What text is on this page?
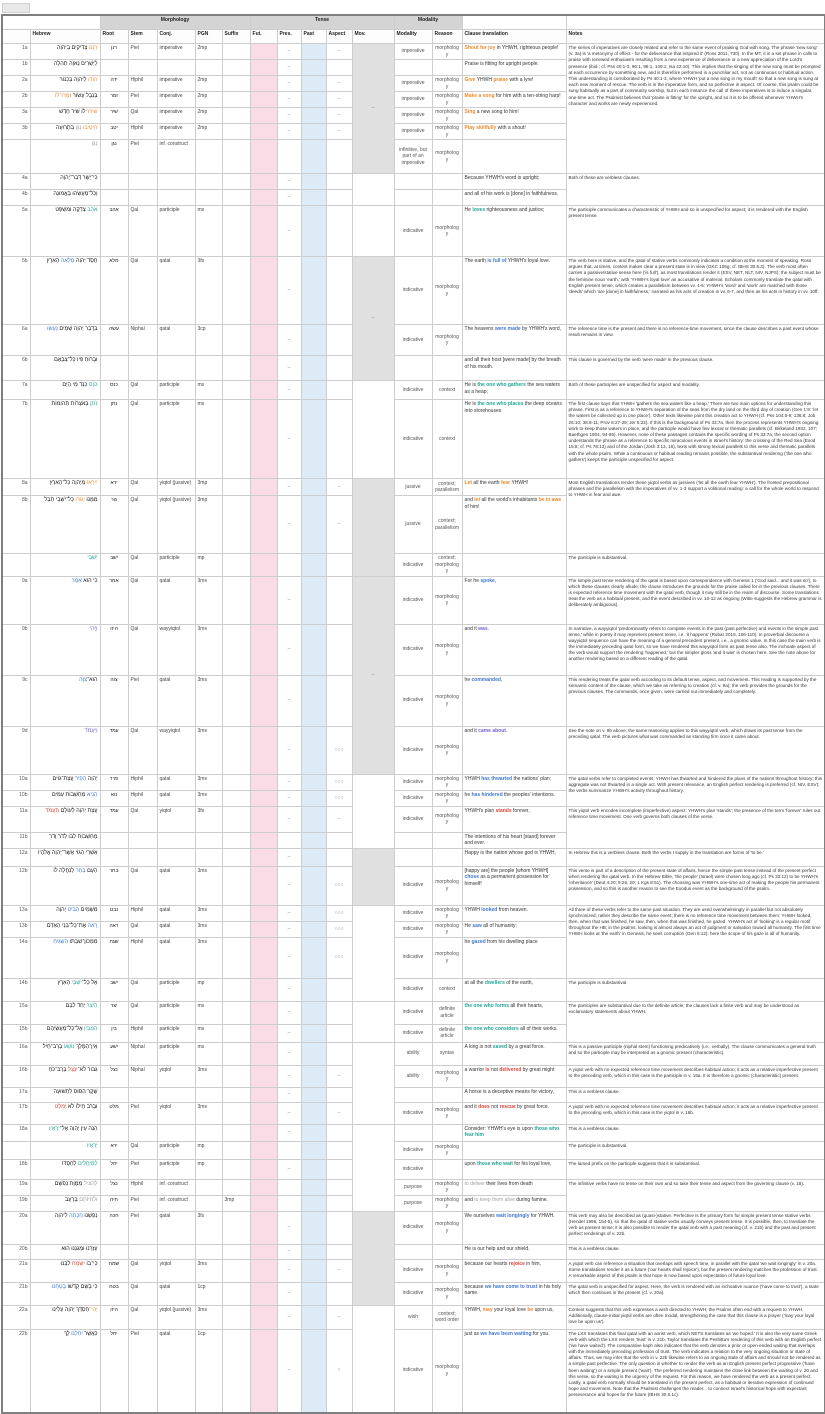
		Morphology					Tense					Modality			
	Hebrew	Root	Stem	Conj.	PGN	Suffix	Fut.	Pres.	Past	Aspect	Mov.	Modality	Reason	Clause translation	Notes
1a	רַנְּנוּ צַדִּיקִים בַּיהוָה	רנן	Piel	imperative	2mp			–		–	–	imperative	morphology	Shout for joy in YHWH, righteous people!	The series of imperatives are closely related and refer to the same event of praising God with song. The phrase 'new song' (v. 3a) is 'a metonymy of effect - for the deliverance that inspired it' (Ross 2011, 730). In the MT, it is a set phrase in calls to praise with renewed enthusiasm resulting from a new experience of deliverance or a new appreciation of the Lord's presence (ibid.; cf. Pss 40:1-3, 96:1, 98:1, 149:1; Isa 42:10). This implies that the singing of the new song must be prompted at each occurrence by something new, and is therefore performed in a punctiliar act, not as continuous or habitual action. This understanding is corroborated by Ps 40:1-3, where YHWH 'put a new song in my mouth' so that a new song is sung at each new moment of rescue. The verb is in the imperative form, and so perfective in aspect. Of course, this psalm could be sung habitually as a part of community worship, but in each instance the call of these imperatives is to induce a singular, one-time act. The Psalmist believes that 'praise is fitting' for the upright, and so it is to be offered whenever YHWH's character and works are newly experienced.
1b	לַיְשָׁרִים נָאוָה תְהִלָּה							–						Praise is fitting for upright people.	
2a	הוֹדוּ לַיהוָה בְּכִנּוֹר	ידה	Hiphil	imperative	2mp			–		–		imperative	morphology	Give YHWH praise with a lyre!	
2b	בְּנֵבֶל עָשׂוֹר זַמְּרוּ־לוֹ	זמר	Piel	imperative	2mp			–		–		imperative	morphology	Make a song for him with a ten-string harp!	
3a	שִׁירוּ־לוֹ שִׁיר חָדָשׁ	שׁיר	Qal	imperative	2mp			–		–		imperative	morphology	Sing a new song to him!	
3b	הֵיטִיבוּ נַגֵּן בִּתְרוּעָה	יטב	Hiphil	imperative	2mp			–		–		imperative	morphology	Play skillfully with a shout!	
	נַגֵּן	נגן	Piel	inf. construct								infinitive, but part of an imperative	morphology		
4a	כִּי־יָשָׁר דְּבַר־יְהוָה							–						Because YHWH's word is upright;	Both of these are verbless clauses.
4b	וְכָל־מַעֲשֵׂהוּ בֶּאֱמוּנָה							–						and all of his work is [done] in faithfulness.	
5a	אֹהֵב צְדָקָה וּמִשְׁפָּט	אהב	Qal	participle	ms			–				indicative	morphology	He loves righteousness and justice;	The participle communicates a characteristic of YHWH and so is unspecified for aspect; it is rendered with the English present tense.
5b	חֶסֶד יְהוָה מָלְאָה הָאָרֶץ	מלא	Qal	qatal	3fs			–			–	indicative	morphology	The earth is full of YHWH's loyal love.	The verb here is stative, and the qatal of stative verbs commonly indicates a condition at the moment of speaking. Ross argues that, at times, context makes clear a present state is in view (GKC 106g; cf. IBHS 30.5.3). The verb most often carries a passive/stative sense here ('is full'), as most translations render it (ESV, NET, NLT, NIV, NJPS); the subject must be the feminine noun 'earth,' with 'YHWH's loyal love' an accusative of material. Scholars commonly translate the qatal with English present tense, which creates a parallelism between vv. 4-5: YHWH's 'word' and 'work' are matched with those 'deeds' which 'are [done] in faithfulness,' narrated as his acts of creation in vv. 6-7, and then as his acts in history in vv. 10ff.
6a	בִּדְבַר יְהוָה שָׁמַיִם נַעֲשׂוּ	עשׂה	Niphal	qatal	3cp			–				indicative	morphology	The heavens were made by YHWH's word,	The reference time is the present and there is no reference-time movement, since the clause describes a past event whose result remains in view.
6b	וּבְרוּחַ פִּיו כָּל־צְבָאָם							–						and all their host [were made] by the breath of his mouth.	This clause is governed by the verb 'were made' in the previous clause.
7a	כֹּנֵס כַּנֵּד מֵי הַיָּם	כנס	Qal	participle	ms			–				indicative	context	He is the one who gathers the sea waters as a heap;	Both of these participles are unspecified for aspect and modality.
7b	נֹתֵן בְּאֹצָרוֹת תְּהוֹמוֹת	נתן	Qal	participle	ms			–				indicative	context	He is the one who places the deep oceans into storehouses	The first clause says that YHWH 'gathers the sea waters like a heap.' There are two main options for understanding this phrase. First is as a reference to YHWH's separation of the seas from the dry land on the third day of creation (Gen 1:9: 'let the waters be collected up in one place'). Other texts likewise point this creation act to YHWH (cf. Pss 104:5-9; 136:6; Job 26:10; 38:8-11; Prov 8:27-29; Jer 5:22). If this is the background of Ps 33:7a, then the process represents YHWH's ongoing work to keep those waters in place, and the participle would have few lexical or thematic parallels (cf. Birkeland 1932, 107; Baethgen 1904, 94-95). However, none of these passages contains the specific wording of Ps 33:7a; the second option understands the phrase as a reference to specific miraculous events in Israel's history: the crossing of the Red Sea (Exod 15:8; cf. Ps 78:13) and of the Jordan (Josh 3:13, 16), texts with strong lexical parallels to this verse and thematic parallels with the whole psalm. While a continuous or habitual reading remains possible, the substantival rendering ('the one who gathers') keeps the participle unspecified for aspect.
8a	יִירְאוּ מֵיְהוָה כָּל־הָאָרֶץ	ירא	Qal	yiqtol (jussive)	3mp			–		–		jussive	context; parallelism	Let all the earth fear YHWH!	Most English translations render these yiqtol verbs as jussives ('let all the earth fear YHWH'). The fronted prepositional phrases and the parallelism with the imperatives of vv. 1-3 support a volitional reading: a call for the whole world to respond to YHWH in fear and awe.
8b	מִמֶּנּוּ יָגוּרוּ כָּל־יֹשְׁבֵי תֵבֵל	גור	Qal	yiqtol (jussive)	3mp			–		–		jussive	context; parallelism	and let all the world's inhabitants be in awe of him!	
	יֹשְׁבֵי	ישׁב	Qal	participle	mp							indicative	context; morphology		The participle is substantival.
9a	כִּי הוּא אָמַר	אמר	Qal	qatal	3ms			–			–	indicative	morphology	For he spoke,	The simple past tense rendering of the qatal is based upon correspondence with Genesis 1 ('God said... and it was so'), to which these clauses clearly allude; the clause introduces the grounds for the praise called for in the previous clauses. There is expected reference time movement with the qatal verb, though it may still be in the realm of discourse. Some translations treat the verb as a habitual present, and the event described in vv. 10-12 as ongoing (Witte suggests the Hebrew grammar is deliberately ambiguous).
9b	וַיֶּהִי	היה	Qal	wayyiqtol	3ms			–				indicative	morphology	and it was.	In narrative, a wayyiqtol 'predominantly refers to complete events in the past (past perfective) and events in the simple past tense,' while in poetry it may represent present tense, i.e. 'it happens' (Robar 2015, 106-110). In proverbial discourse a wayyiqtol sequence can have the meaning of a general precedent present, i.e., a gnomic value. In this case the main verb is the immediately preceding qatal form, so we have rendered this wayyiqtol form as past tense also. The inchoate aspect of the verb would support the rendering 'happened,' but the simpler gloss 'and it was' is chosen here. See the note above for another rendering based on a different reading of the qatal.
9c	הוּא־צִוָּה	צוה	Piel	qatal	3ms			–				indicative	morphology	he commanded,	This rendering treats the qatal verb according to its default tense, aspect, and movement. This reading is supported by the semantic content of the clause, which we take as referring to creation (cf. v. 9a); the verb provides the grounds for the previous clauses. The commands, once given, were carried out immediately and completely.
9d	וַיַּעֲמֹד	עמד	Qal	wayyiqtol	3ms			–		○○○		indicative	morphology	and it came about.	See the note on v. 9b above; the same reasoning applies to this wayyiqtol verb, which draws its past tense from the preceding qatal. The verb pictures what was commanded as standing firm once it came about.
10a	יְהוָה הֵפִיר עֲצַת־גּוֹיִם	פרר	Hiphil	qatal	3ms			–		○○○		indicative	morphology	YHWH has thwarted the nations' plan;	The qatal verbs refer to completed events: YHWH has thwarted and hindered the plans of the nations throughout history; this aggregate was not thwarted in a single act. With present relevance, an English perfect rendering is preferred (cf. NIV, ESV); the verbs summarize YHWH's activity throughout history.
10b	הֵנִיא מַחְשְׁבוֹת עַמִּים	נוא	Hiphil	qatal	3ms			–		○○○		indicative	morphology	he has hindered the peoples' intentions.	
11a	עֲצַת יְהוָה לְעוֹלָם תַּעֲמֹד	עמד	Qal	yiqtol	3fs			–		–		indicative	morphology	YHWH's plan stands forever,	This yiqtol verb encodes incomplete (imperfective) aspect: YHWH's plan 'stands'; the presence of the term 'forever' rules out reference time movement. One verb governs both clauses of the verse.
11b	מַחְשְׁבוֹת לִבּוֹ לְדֹר וָדֹר													The intentions of his heart [stand] forever and ever.	
12a	אַשְׁרֵי הַגּוֹי אֲשֶׁר־יְהוָה אֱלֹהָיו							–						Happy is the nation whose god is YHWH,	In Hebrew this is a verbless clause. Both the verbs I supply in the translation are forms of 'to be.'
12b	הָעָם בָּחַר לְנַחֲלָה לוֹ	בחר	Qal	qatal	3ms			–		○○○		indicative	morphology	[happy are] the people [whom YHWH] chose as a permanent possession for himself!	This verse is part of a description of the present state of affairs, hence the simple past tense instead of the present perfect when rendering the qatal verb. In the Hebrew Bible, 'the people' (Israel) were chosen long ago (cf. Ps 33:12) to be YHWH's 'inheritance' (Deut 4:20; 9:26, 29; 1 Kgs 8:51). The choosing was YHWH's one-time act of making the people his permanent possession, and so this is another reason to see the Exodus event as the background of the psalm.
13a	מִשָּׁמַיִם הִבִּיט יְהוָה	נבט	Hiphil	qatal	3ms			–		○○○		indicative	morphology	YHWH looked from heaven.	All three of these verbs refer to the same past situation. They are used overwhelmingly in parallel but not absolutely synchronized; rather they describe the same event; there is no reference time movement between them: YHWH looked, then, when that was finished, he saw, then, when that was finished, he gazed. YHWH's act of 'looking' is a regular motif throughout the HB; in the psalms, looking is almost always an act of judgment or salvation toward all humanity. The first time YHWH looks at 'the earth' in Genesis, he sees corruption (Gen 6:12); here the scope of his gaze is all of humanity.
13b	רָאָה אֶת־כָּל־בְּנֵי הָאָדָם	ראה	Qal	qatal	3ms			–		○○○		indicative	morphology	He saw all of humanity;	
14a	מִמְּכוֹן־שִׁבְתּוֹ הִשְׁגִּיחַ	שׁגח	Hiphil	qatal	3ms			–		○○○		indicative	morphology	he gazed from his dwelling place	
14b	אֶל כָּל־יֹשְׁבֵי הָאָרֶץ	ישׁב	Qal	participle	mp			–				indicative	context	at all the dwellers of the earth,	The participle is substantival.
15a	הַיֹּצֵר יַחַד לִבָּם	יצר	Qal	participle	ms			–				indicative	definite article	the one who forms all their hearts,	The participles are substantival due to the definite article; the clauses lack a finite verb and may be understood as exclamatory statements about YHWH.
15b	הַמֵּבִין אֶל־כָּל־מַעֲשֵׂיהֶם	בין	Hiphil	participle	ms			–				indicative	definite article	the one who considers all of their works.	
16a	אֵין־הַמֶּלֶךְ נוֹשָׁע בְּרָב־חָיִל	ישׁע	Niphal	participle	ms			–				ability	syntax	A king is not saved by a great force.	This is a passive participle (niphal stem) functioning predicatively (i.e., verbally). The clause communicates a general truth and so the participle may be interpreted as a gnomic present (characteristic).
16b	גִּבּוֹר לֹא־יִנָּצֵל בְּרָב־כֹּחַ	נצל	Niphal	yiqtol	3ms			–		–		ability	morphology	a warrior is not delivered by great might	A yiqtol verb with no expected reference time movement describes habitual action; it acts as a relative imperfective present to the preceding verb, which in this case is the participle in v. 16a. It is therefore a gnomic (characteristic) present.
17a	שֶׁקֶר הַסּוּס לִתְשׁוּעָה							–						A horse is a deceptive means for victory,	This is a verbless clause.
17b	וּבְרֹב חֵילוֹ לֹא יְמַלֵּט	מלט	Piel	yiqtol	3ms			–		–		indicative	morphology	and it does not rescue by great force.	A yiqtol verb with no expected reference time movement describes habitual action; it acts as a relative imperfective present to the preceding verb, which in this case is the yiqtol in v. 16b.
18a	הִנֵּה עֵין יְהוָה אֶל־יְרֵאָיו							–						Consider: YHWH's eye is upon those who fear him	This is a verbless clause.
	יְרֵאָיו	ירא	Qal	participle	mp							indicative	morphology		The participle is substantival.
18b	לַמְיַחֲלִים לְחַסְדּוֹ	יחל	Piel	participle	mp			–				indicative		upon those who wait for his loyal love,	The lamed prefix on the participle suggests that it is substantival.
19a	לְהַצִּיל מִמָּוֶת נַפְשָׁם	נצל	Hiphil	inf. construct								purpose	morphology	to deliver their lives from death	The infinitive verbs have no tense on their own and so take their tense and aspect from the governing clause (v. 18).
19b	וּלְחַיּוֹתָם בָּרָעָב	חיה	Piel	inf. construct		3mp						purpose	morphology	and to keep them alive during famine.	
20a	נַפְשֵׁנוּ חִכְּתָה לַיהוָה	חכה	Piel	qatal	3fs			–				indicative	morphology	We ourselves wait longingly for YHWH.	This verb may also be described as (quasi-)stative. Perfective is the primary form for simple present tense stative verbs (Hendel 1996, 154-5), so that the qatal of stative verbs usually conveys present tense. It is possible, then, to translate the verb as present tense; it is also possible to render the qatal verb with a past meaning (cf. v. 21b) and the past and present perfect renderings of v. 22b.
20b	עֶזְרֵנוּ וּמָגִנֵּנוּ הוּא							–						He is our help and our shield.	This is a verbless clause.
21a	כִּי־בוֹ יִשְׂמַח לִבֵּנוּ	שׂמח	Qal	yiqtol	3ms			–		–		indicative	morphology	because our hearts rejoice in him,	A yiqtol verb can reference a situation that overlaps with speech time, in parallel with the qatal 'we wait longingly' in v. 20a. Some translations render it as a future ('our hearts shall rejoice'), but the present rendering matches the profession of trust. A remarkable aspect of this psalm is that hope is now based upon expectation of future loyal love.
21b	כִּי בְשֵׁם קָדְשׁוֹ בָטָחְנוּ	בטח	Qal	qatal	1cp			–				indicative	morphology	because we have come to trust in his holy name.	The qatal verb is unspecified for aspect. Here, the verb is rendered with an inchoative nuance ('have come to trust'), a state which then continues in the present (cf. v. 20a).
22a	יְהִי־חַסְדְּךָ יְהוָה עָלֵינוּ	היה	Qal	yiqtol (jussive)	3ms			–		–		wish	context; word order	YHWH, may your loyal love be upon us,	Context suggests that this verb expresses a wish directed to YHWH; the Psalms often end with a request to YHWH. Additionally, clause-initial yiqtol verbs are often modal, strengthening the case that this clause is a prayer ('may your loyal love be upon us').
22b	כַּאֲשֶׁר יִחַלְנוּ לָךְ	יחל	Piel	qatal	1cp			–		○		indicative	morphology	just as we have been waiting for you.	The LXX translates this final qatal with an aorist verb, which NETS translates as 'we hoped.' It is also the very same Greek verb with which the LXX renders 'trust' in v. 21b. Taylor translates the Peshitta's rendering of this verb with an English perfect ('we have waited'). The comparative kaph also indicates that the verb denotes a prior or open-ended waiting that overlaps with the immediately preceding profession of trust. The verb indicates a relation to the very ongoing situation or state of affairs. Thus, we may infer that the verb in v. 22b likewise refers to an ongoing state of affairs and should not be rendered as a simple past perfective. The only question is whether to render the verb as an English present perfect progressive ('have been waiting') or a simple present ('wait'). The preferred rendering maintains the close link between the waiting of v. 20 and this verse, so the waiting is the urgency of the request. For this reason, we have rendered the verb as a present perfect. Lastly, a qatal verb normally should be translated in the present perfect, as a habitual or iterative expression of continued hope and movement. Note that the Psalmist challenges the reader... to connect Israel's historical hope with expectant perseverance and hopes for the future (IBHS 30.5.1c).
